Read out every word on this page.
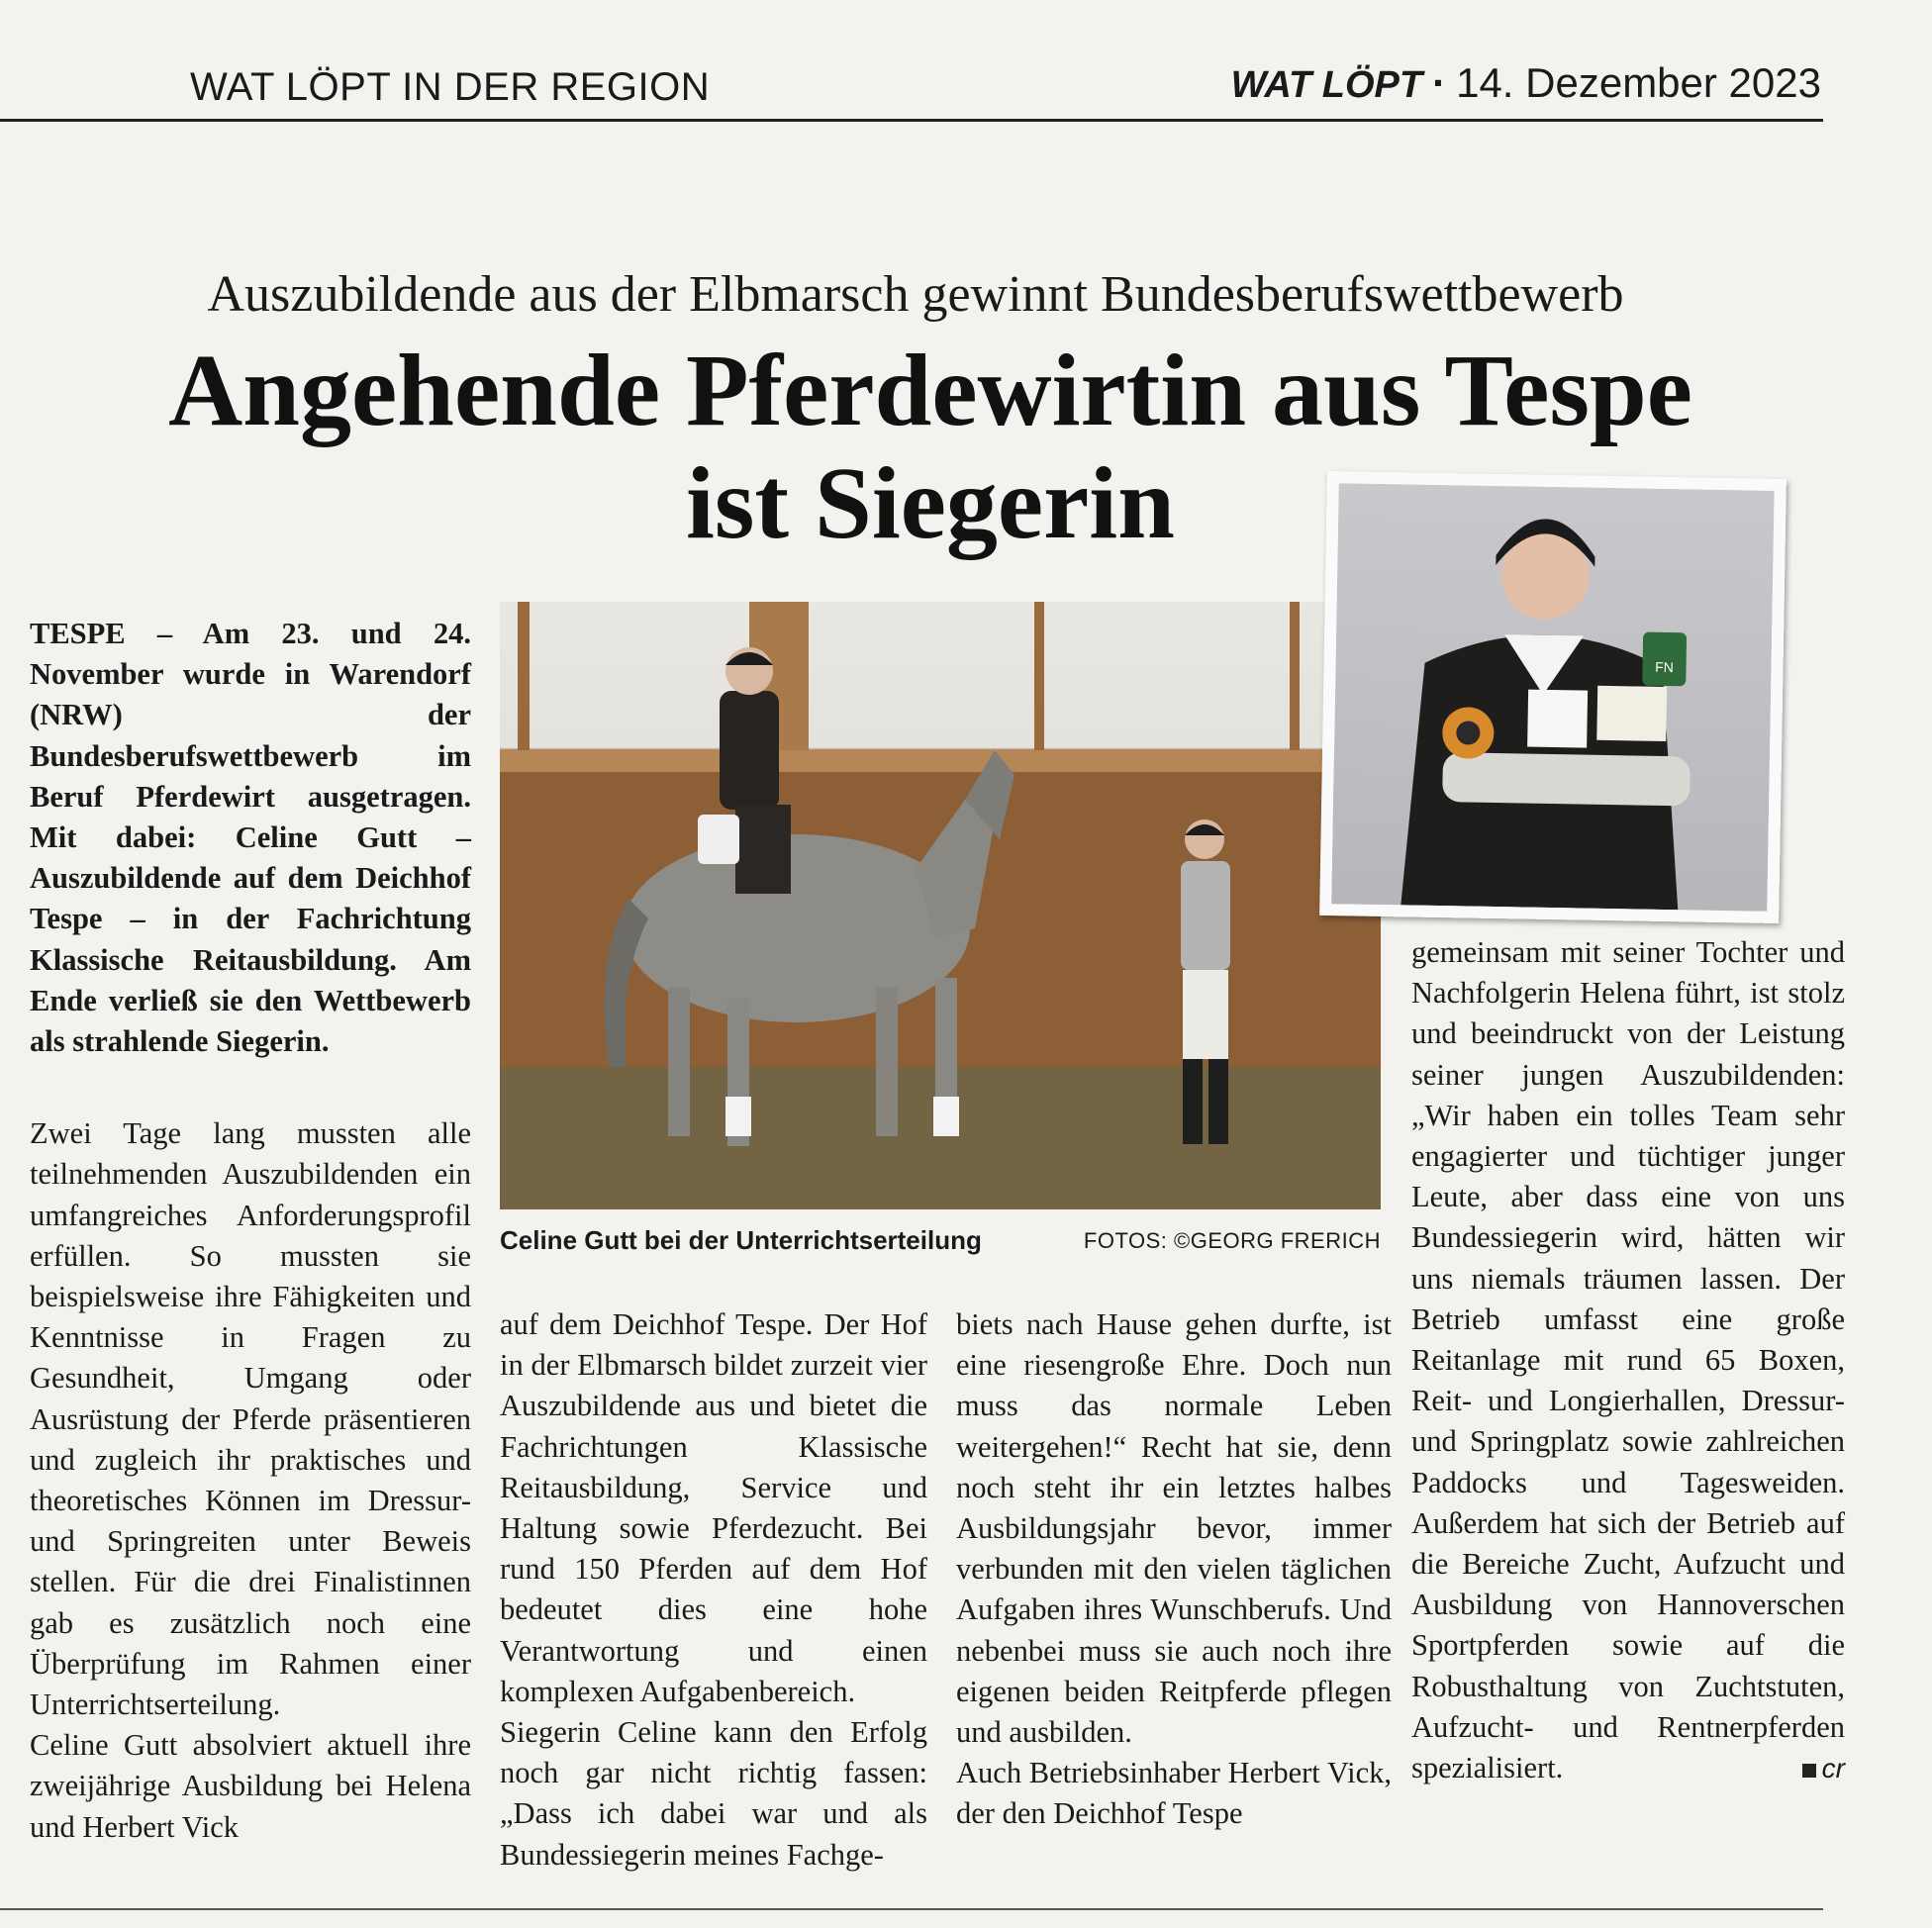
WAT LÖPT IN DER REGION	WAT LÖPT · 14. Dezember 2023
Auszubildende aus der Elbmarsch gewinnt Bundesberufswettbewerb
Angehende Pferdewirtin aus Tespe
ist Siegerin

TESPE – Am 23. und 24. November wurde in Warendorf (NRW) der Bundesberufswettbewerb im Beruf Pferdewirt ausgetragen. Mit dabei: Celine Gutt – Auszubildende auf dem Deichhof Tespe – in der Fachrichtung Klassische Reitausbildung. Am Ende verließ sie den Wettbewerb als strahlende Siegerin.

Zwei Tage lang mussten alle teilnehmenden Auszubildenden ein umfangreiches Anforderungsprofil erfüllen. So mussten sie beispielsweise ihre Fähigkeiten und Kenntnisse in Fragen zu Gesundheit, Umgang oder Ausrüstung der Pferde präsentieren und zugleich ihr praktisches und theoretisches Können im Dressur- und Springreiten unter Beweis stellen. Für die drei Finalistinnen gab es zusätzlich noch eine Überprüfung im Rahmen einer Unterrichtserteilung.

Celine Gutt absolviert aktuell ihre zweijährige Ausbildung bei Helena und Herbert Vick

Celine Gutt bei der Unterrichtserteilung	FOTOS: ©GEORG FRERICH
FN

auf dem Deichhof Tespe. Der Hof in der Elbmarsch bildet zurzeit vier Auszubildende aus und bietet die Fachrichtungen Klassische Reitausbildung, Service und Haltung sowie Pferdezucht. Bei rund 150 Pferden auf dem Hof bedeutet dies eine hohe Verantwortung und einen komplexen Aufgabenbereich.

Siegerin Celine kann den Erfolg noch gar nicht richtig fassen: „Dass ich dabei war und als Bundessiegerin meines Fachge-

biets nach Hause gehen durfte, ist eine riesengroße Ehre. Doch nun muss das normale Leben weitergehen!“ Recht hat sie, denn noch steht ihr ein letztes halbes Ausbildungsjahr bevor, immer verbunden mit den vielen täglichen Aufgaben ihres Wunschberufs. Und nebenbei muss sie auch noch ihre eigenen beiden Reitpferde pflegen und ausbilden.

Auch Betriebsinhaber Herbert Vick, der den Deichhof Tespe

gemeinsam mit seiner Tochter und Nachfolgerin Helena führt, ist stolz und beeindruckt von der Leistung seiner jungen Auszubildenden: „Wir haben ein tolles Team sehr engagierter und tüchtiger junger Leute, aber dass eine von uns Bundessiegerin wird, hätten wir uns niemals träumen lassen. Der Betrieb umfasst eine große Reitanlage mit rund 65 Boxen, Reit- und Longierhallen, Dressur- und Springplatz sowie zahlreichen Paddocks und Tagesweiden. Außerdem hat sich der Betrieb auf die Bereiche Zucht, Aufzucht und Ausbildung von Hannoverschen Sportpferden sowie auf die Robusthaltung von Zuchtstuten, Aufzucht- und Rentnerpferden spezialisiert.	cr
